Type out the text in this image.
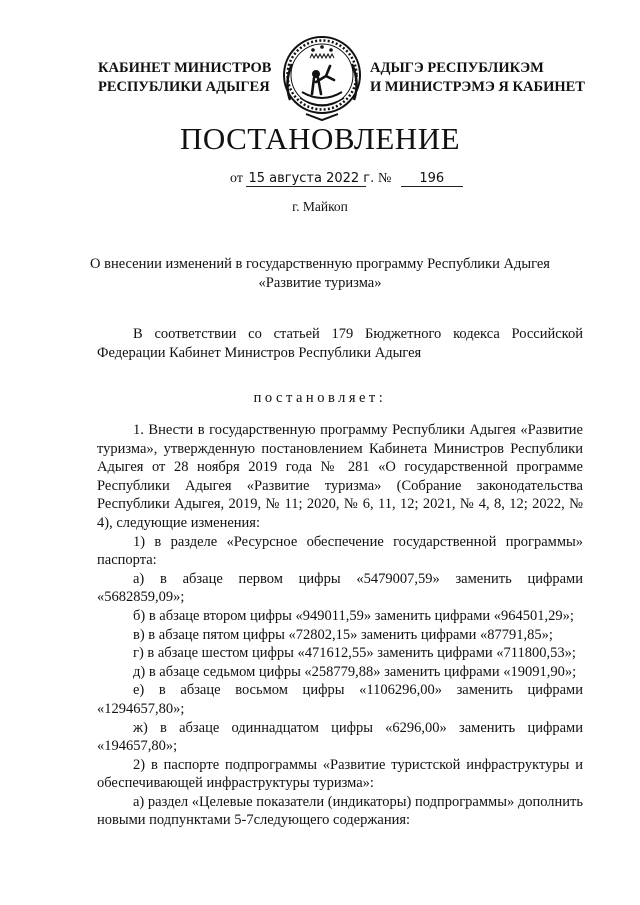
КАБИНЕТ МИНИСТРОВ
РЕСПУБЛИКИ АДЫГЕЯ
АДЫГЭ РЕСПУБЛИКЭМ
И МИНИСТРЭМЭ Я КАБИНЕТ
ПОСТАНОВЛЕНИЕ
от 15 августа 2022 г. № 196
г. Майкоп
О внесении изменений в государственную программу Республики Адыгея
«Развитие туризма»
В соответствии со статьей 179 Бюджетного кодекса Российской Федерации Кабинет Министров Республики Адыгея
постановляет:

1. Внести в государственную программу Республики Адыгея «Развитие туризма», утвержденную постановлением Кабинета Министров Республики Адыгея от 28 ноября 2019 года № 281 «О государственной программе Республики Адыгея «Развитие туризма» (Собрание законодательства Республики Адыгея, 2019, № 11; 2020, № 6, 11, 12; 2021, № 4, 8, 12; 2022, № 4), следующие изменения:

1) в разделе «Ресурсное обеспечение государственной программы» паспорта:

а) в абзаце первом цифры «5479007,59» заменить цифрами «5682859,09»;

б) в абзаце втором цифры «949011,59» заменить цифрами «964501,29»;

в) в абзаце пятом цифры «72802,15» заменить цифрами «87791,85»;

г) в абзаце шестом цифры «471612,55» заменить цифрами «711800,53»;

д) в абзаце седьмом цифры «258779,88» заменить цифрами «19091,90»;

е) в абзаце восьмом цифры «1106296,00» заменить цифрами «1294657,80»;

ж) в абзаце одиннадцатом цифры «6296,00» заменить цифрами «194657,80»;

2) в паспорте подпрограммы «Развитие туристской инфраструктуры и обеспечивающей инфраструктуры туризма»:

а) раздел «Целевые показатели (индикаторы) подпрограммы» дополнить новыми подпунктами 5-7следующего содержания:
